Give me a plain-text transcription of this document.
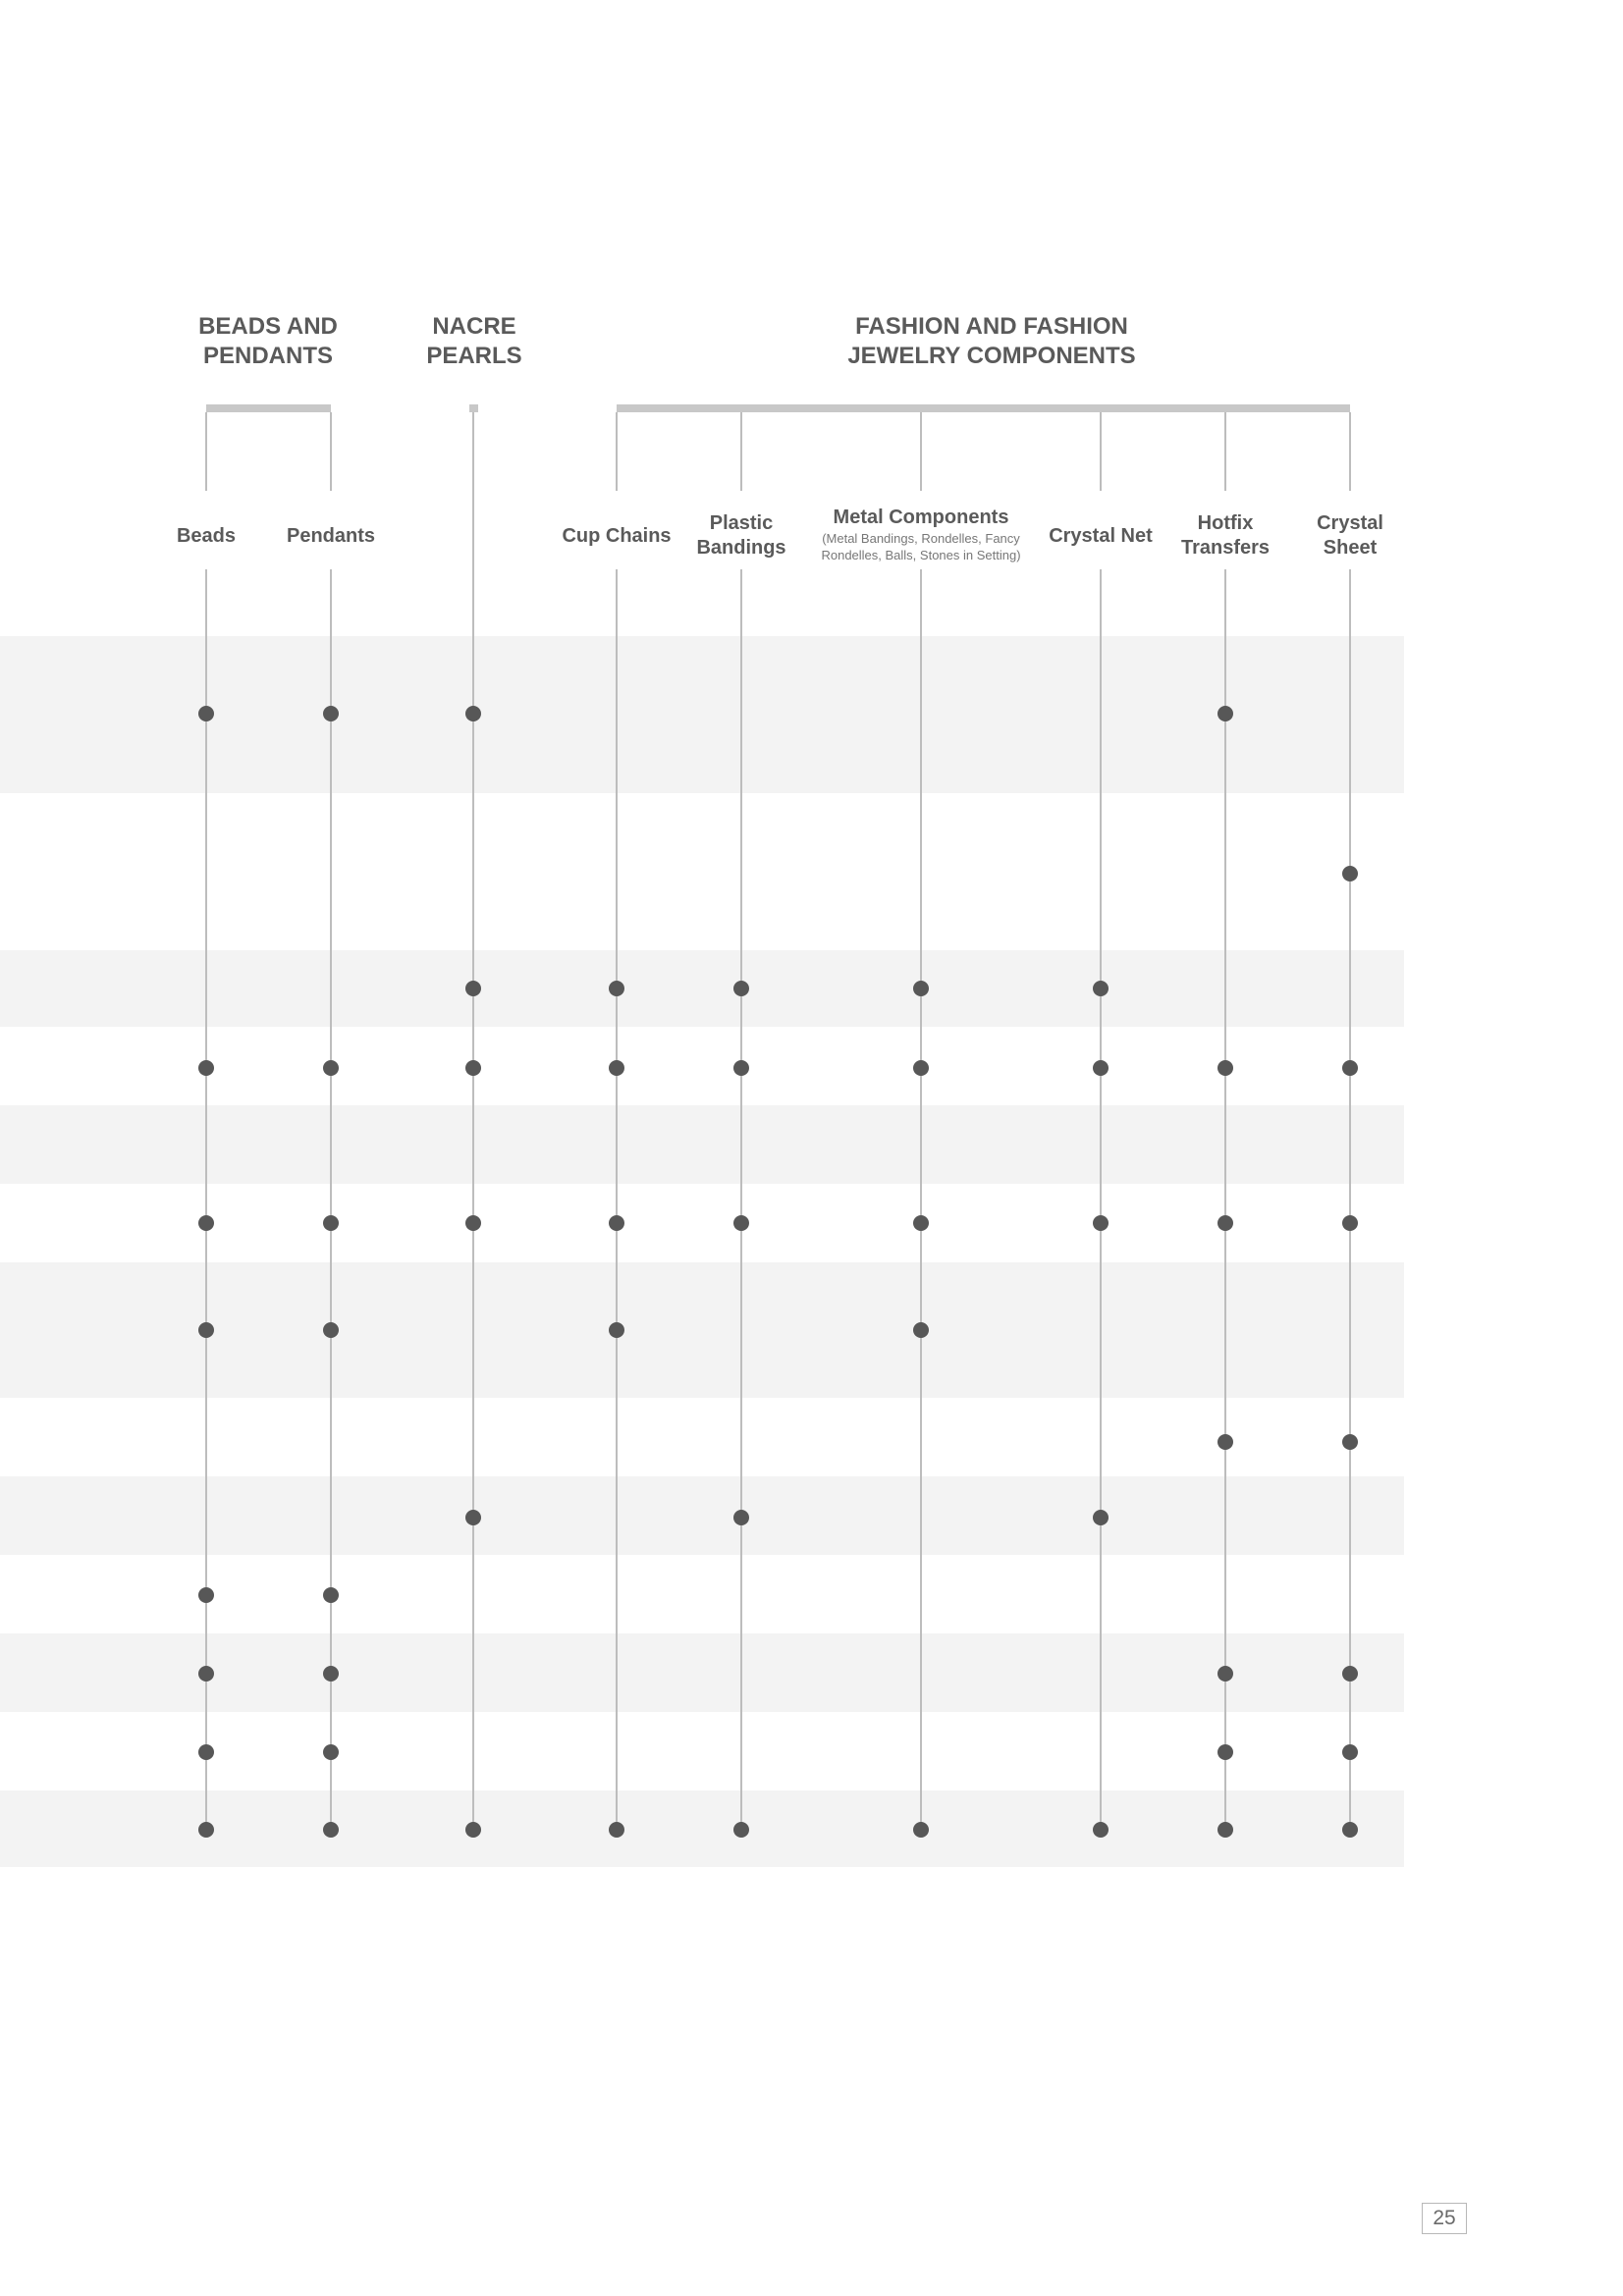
BEADS AND PENDANTS
NACRE PEARLS
FASHION AND FASHION JEWELRY COMPONENTS
Beads	Pendants	Cup Chains
Plastic Bandings
Metal Components
(Metal Bandings, Rondelles, Fancy Rondelles, Balls, Stones in Setting)
Crystal Net
Hotfix Transfers
Crystal Sheet
25
